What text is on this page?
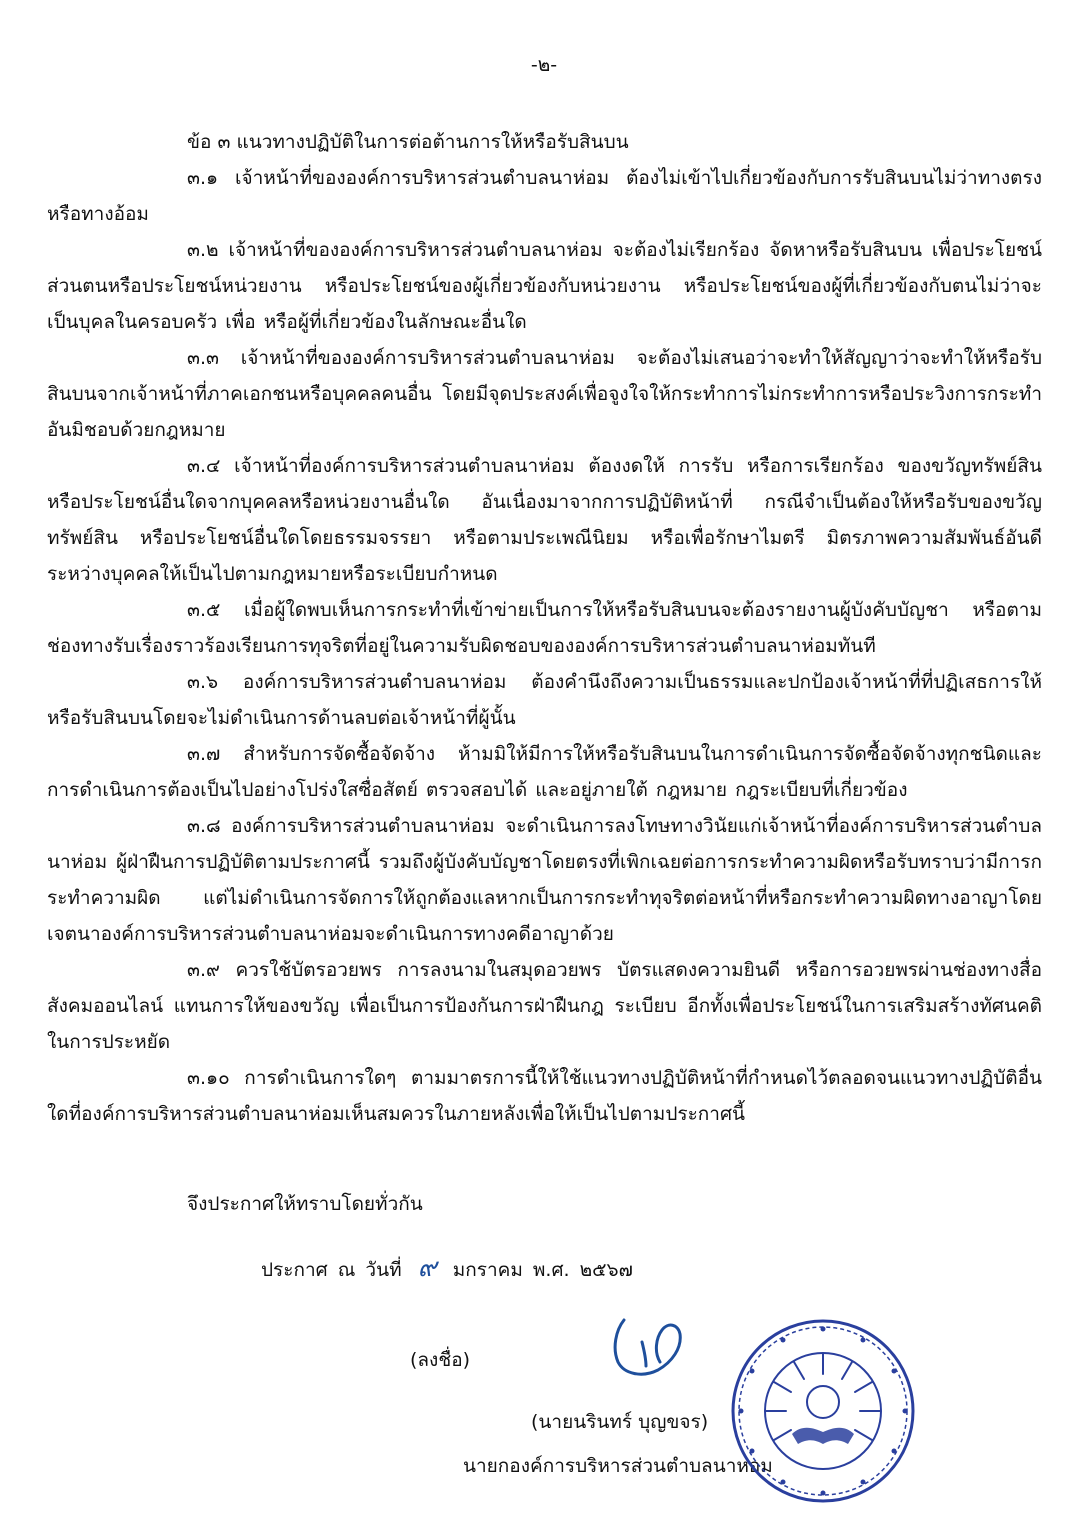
-๒-
ข้อ ๓ แนวทางปฏิบัติในการต่อต้านการให้หรือรับสินบน

๓.๑ เจ้าหน้าที่ขององค์การบริหารส่วนตำบลนาห่อม ต้องไม่เข้าไปเกี่ยวข้องกับการรับสินบนไม่ว่าทางตรงหรือทางอ้อม

๓.๒ เจ้าหน้าที่ขององค์การบริหารส่วนตำบลนาห่อม จะต้องไม่เรียกร้อง จัดหาหรือรับสินบน เพื่อประโยชน์ส่วนตนหรือประโยชน์หน่วยงาน หรือประโยชน์ของผู้เกี่ยวข้องกับหน่วยงาน หรือประโยชน์ของผู้ที่เกี่ยวข้องกับตนไม่ว่าจะเป็นบุคลในครอบครัว เพื่อ หรือผู้ที่เกี่ยวข้องในลักษณะอื่นใด

๓.๓ เจ้าหน้าที่ขององค์การบริหารส่วนตำบลนาห่อม จะต้องไม่เสนอว่าจะทำให้สัญญาว่าจะทำให้หรือรับสินบนจากเจ้าหน้าที่ภาคเอกชนหรือบุคคลคนอื่น โดยมีจุดประสงค์เพื่อจูงใจให้กระทำการไม่กระทำการหรือประวิงการกระทำอันมิชอบด้วยกฎหมาย

๓.๔ เจ้าหน้าที่องค์การบริหารส่วนตำบลนาห่อม ต้องงดให้ การรับ หรือการเรียกร้อง ของขวัญทรัพย์สิน หรือประโยชน์อื่นใดจากบุคคลหรือหน่วยงานอื่นใด อันเนื่องมาจากการปฏิบัติหน้าที่ กรณีจำเป็นต้องให้หรือรับของขวัญ ทรัพย์สิน หรือประโยชน์อื่นใดโดยธรรมจรรยา หรือตามประเพณีนิยม หรือเพื่อรักษาไมตรี มิตรภาพความสัมพันธ์อันดีระหว่างบุคคลให้เป็นไปตามกฎหมายหรือระเบียบกำหนด

๓.๕ เมื่อผู้ใดพบเห็นการกระทำที่เข้าข่ายเป็นการให้หรือรับสินบนจะต้องรายงานผู้บังคับบัญชา หรือตามช่องทางรับเรื่องราวร้องเรียนการทุจริตที่อยู่ในความรับผิดชอบขององค์การบริหารส่วนตำบลนาห่อมทันที

๓.๖ องค์การบริหารส่วนตำบลนาห่อม ต้องคำนึงถึงความเป็นธรรมและปกป้องเจ้าหน้าที่ที่ปฏิเสธการให้หรือรับสินบนโดยจะไม่ดำเนินการด้านลบต่อเจ้าหน้าที่ผู้นั้น

๓.๗ สำหรับการจัดซื้อจัดจ้าง ห้ามมิให้มีการให้หรือรับสินบนในการดำเนินการจัดซื้อจัดจ้างทุกชนิดและการดำเนินการต้องเป็นไปอย่างโปร่งใสซื่อสัตย์ ตรวจสอบได้ และอยู่ภายใต้ กฎหมาย กฎระเบียบที่เกี่ยวข้อง

๓.๘ องค์การบริหารส่วนตำบลนาห่อม จะดำเนินการลงโทษทางวินัยแก่เจ้าหน้าที่องค์การบริหารส่วนตำบลนาห่อม ผู้ฝ่าฝืนการปฏิบัติตามประกาศนี้ รวมถึงผู้บังคับบัญชาโดยตรงที่เพิกเฉยต่อการกระทำความผิดหรือรับทราบว่ามีการกระทำความผิด แต่ไม่ดำเนินการจัดการให้ถูกต้องแลหากเป็นการกระทำทุจริตต่อหน้าที่หรือกระทำความผิดทางอาญาโดยเจตนาองค์การบริหารส่วนตำบลนาห่อมจะดำเนินการทางคดีอาญาด้วย

๓.๙ ควรใช้บัตรอวยพร การลงนามในสมุดอวยพร บัตรแสดงความยินดี หรือการอวยพรผ่านช่องทางสื่อสังคมออนไลน์ แทนการให้ของขวัญ เพื่อเป็นการป้องกันการฝ่าฝืนกฎ ระเบียบ อีกทั้งเพื่อประโยชน์ในการเสริมสร้างทัศนคติในการประหยัด

๓.๑๐ การดำเนินการใดๆ ตามมาตรการนี้ให้ใช้แนวทางปฏิบัติหน้าที่กำหนดไว้ตลอดจนแนวทางปฏิบัติอื่นใดที่องค์การบริหารส่วนตำบลนาห่อมเห็นสมควรในภายหลังเพื่อให้เป็นไปตามประกาศนี้

จึงประกาศให้ทราบโดยทั่วกัน
ประกาศ ณ วันที่ ๙ มกราคม พ.ศ. ๒๕๖๗
(ลงชื่อ)
(นายนรินทร์ บุญขจร)
นายกองค์การบริหารส่วนตำบลนาห่อม
